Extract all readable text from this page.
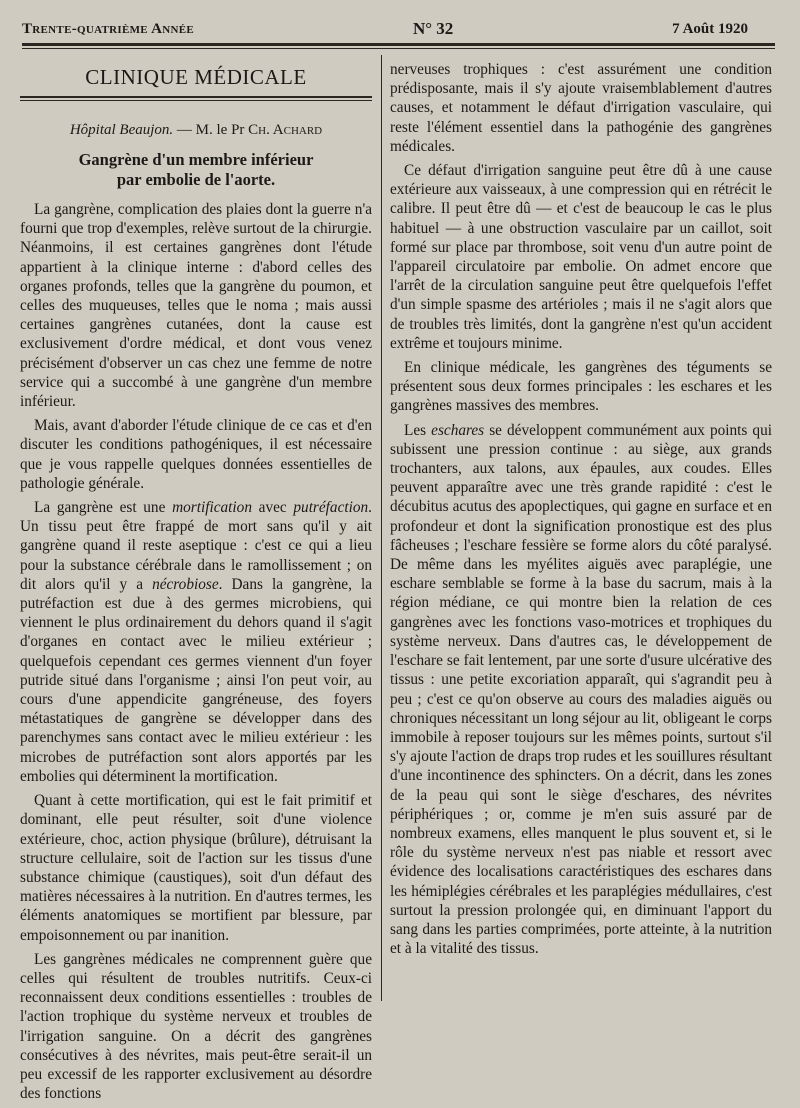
Trente-quatrième Année	N° 32	7 Août 1920
CLINIQUE MÉDICALE
Hôpital Beaujon. — M. le Pr Ch. Achard
Gangrène d'un membre inférieur
par embolie de l'aorte.

La gangrène, complication des plaies dont la guerre n'a fourni que trop d'exemples, relève surtout de la chirurgie. Néanmoins, il est certaines gangrènes dont l'étude appartient à la clinique interne : d'abord celles des organes profonds, telles que la gangrène du poumon, et celles des muqueuses, telles que le noma ; mais aussi certaines gangrènes cutanées, dont la cause est exclusivement d'ordre médical, et dont vous venez précisément d'observer un cas chez une femme de notre service qui a succombé à une gangrène d'un membre inférieur.

Mais, avant d'aborder l'étude clinique de ce cas et d'en discuter les conditions pathogéniques, il est nécessaire que je vous rappelle quelques données essentielles de pathologie générale.

La gangrène est une mortification avec putréfaction. Un tissu peut être frappé de mort sans qu'il y ait gangrène quand il reste aseptique : c'est ce qui a lieu pour la substance cérébrale dans le ramollissement ; on dit alors qu'il y a nécrobiose. Dans la gangrène, la putréfaction est due à des germes microbiens, qui viennent le plus ordinairement du dehors quand il s'agit d'organes en contact avec le milieu extérieur ; quelquefois cependant ces germes viennent d'un foyer putride situé dans l'organisme ; ainsi l'on peut voir, au cours d'une appendicite gangréneuse, des foyers métastatiques de gangrène se développer dans des parenchymes sans contact avec le milieu extérieur : les microbes de putréfaction sont alors apportés par les embolies qui déterminent la mortification.

Quant à cette mortification, qui est le fait primitif et dominant, elle peut résulter, soit d'une violence extérieure, choc, action physique (brûlure), détruisant la structure cellulaire, soit de l'action sur les tissus d'une substance chimique (caustiques), soit d'un défaut des matières nécessaires à la nutrition. En d'autres termes, les éléments anatomiques se mortifient par blessure, par empoisonnement ou par inanition.

Les gangrènes médicales ne comprennent guère que celles qui résultent de troubles nutritifs. Ceux-ci reconnaissent deux conditions essentielles : troubles de l'action trophique du système nerveux et troubles de l'irrigation sanguine. On a décrit des gangrènes consécutives à des névrites, mais peut-être serait-il un peu excessif de les rapporter exclusivement au désordre des fonctions

nerveuses trophiques : c'est assurément une condition prédisposante, mais il s'y ajoute vraisemblablement d'autres causes, et notamment le défaut d'irrigation vasculaire, qui reste l'élément essentiel dans la pathogénie des gangrènes médicales.

Ce défaut d'irrigation sanguine peut être dû à une cause extérieure aux vaisseaux, à une compression qui en rétrécit le calibre. Il peut être dû — et c'est de beaucoup le cas le plus habituel — à une obstruction vasculaire par un caillot, soit formé sur place par thrombose, soit venu d'un autre point de l'appareil circulatoire par embolie. On admet encore que l'arrêt de la circulation sanguine peut être quelquefois l'effet d'un simple spasme des artérioles ; mais il ne s'agit alors que de troubles très limités, dont la gangrène n'est qu'un accident extrême et toujours minime.

En clinique médicale, les gangrènes des téguments se présentent sous deux formes principales : les eschares et les gangrènes massives des membres.

Les eschares se développent communément aux points qui subissent une pression continue : au siège, aux grands trochanters, aux talons, aux épaules, aux coudes. Elles peuvent apparaître avec une très grande rapidité : c'est le décubitus acutus des apoplectiques, qui gagne en surface et en profondeur et dont la signification pronostique est des plus fâcheuses ; l'eschare fessière se forme alors du côté paralysé. De même dans les myélites aiguës avec paraplégie, une eschare semblable se forme à la base du sacrum, mais à la région médiane, ce qui montre bien la relation de ces gangrènes avec les fonctions vaso-motrices et trophiques du système nerveux. Dans d'autres cas, le développement de l'eschare se fait lentement, par une sorte d'usure ulcérative des tissus : une petite excoriation apparaît, qui s'agrandit peu à peu ; c'est ce qu'on observe au cours des maladies aiguës ou chroniques nécessitant un long séjour au lit, obligeant le corps immobile à reposer toujours sur les mêmes points, surtout s'il s'y ajoute l'action de draps trop rudes et les souillures résultant d'une incontinence des sphincters. On a décrit, dans les zones de la peau qui sont le siège d'eschares, des névrites périphériques ; or, comme je m'en suis assuré par de nombreux examens, elles manquent le plus souvent et, si le rôle du système nerveux n'est pas niable et ressort avec évidence des localisations caractéristiques des eschares dans les hémiplégies cérébrales et les paraplégies médullaires, c'est surtout la pression prolongée qui, en diminuant l'apport du sang dans les parties comprimées, porte atteinte, à la nutrition et à la vitalité des tissus.
